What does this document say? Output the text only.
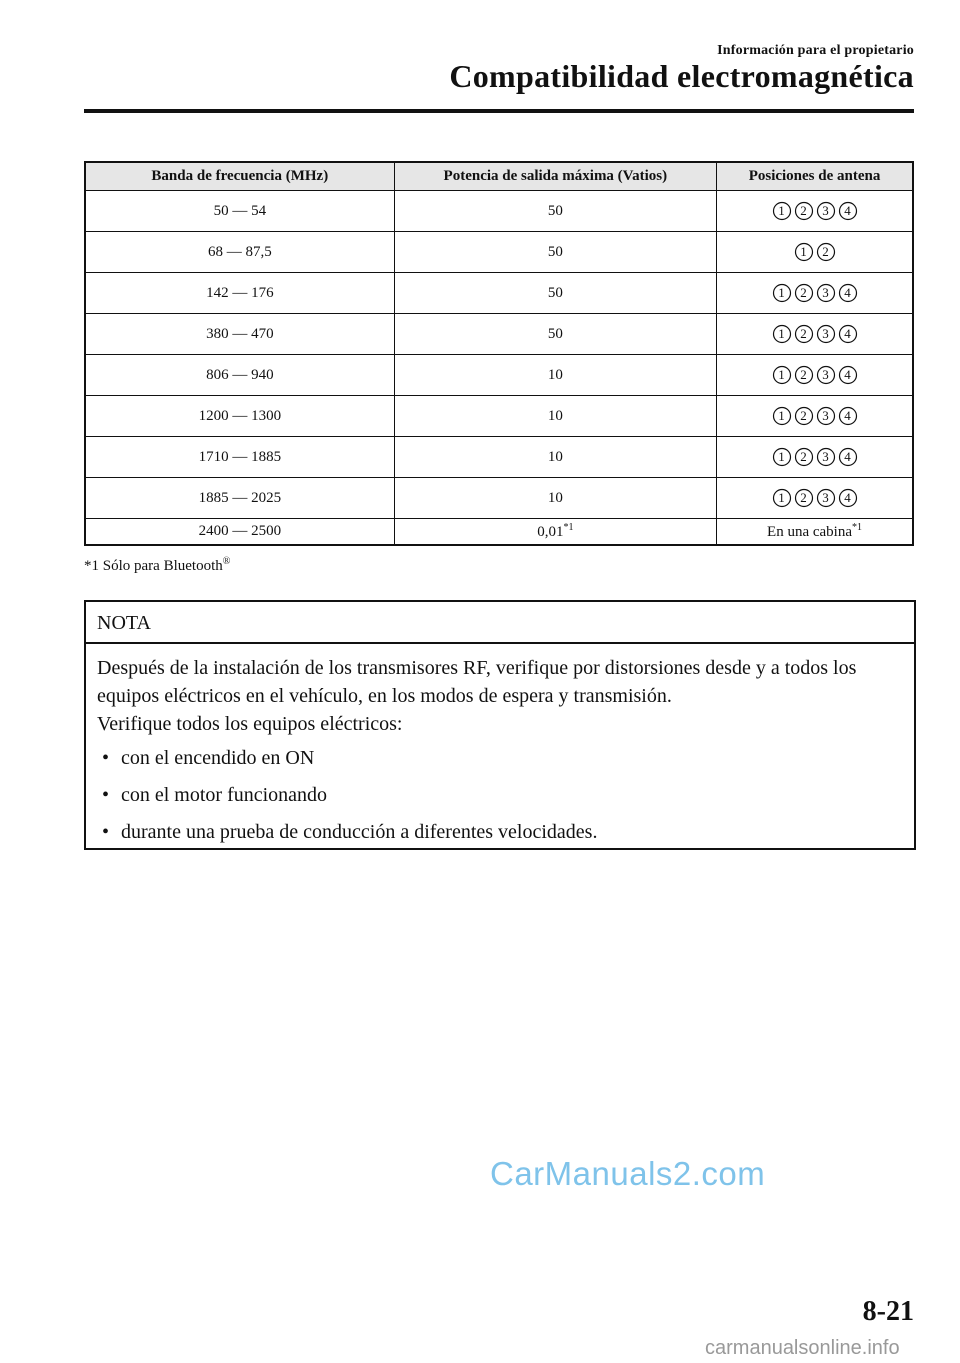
Información para el propietario
Compatibilidad electromagnética
Banda de frecuencia (MHz)	Potencia de salida máxima (Vatios)	Posiciones de antena
50 ― 54	50	1 2 3 4

68 ― 87,5	50	1 2

142 ― 176	50	1 2 3 4

380 ― 470	50	1 2 3 4

806 ― 940	10	1 2 3 4

1200 ― 1300	10	1 2 3 4

1710 ― 1885	10	1 2 3 4

1885 ― 2025	10	1 2 3 4

2400 ― 2500	0,01$^{*1}$	En una cabina$^{*1}$
*1 Sólo para Bluetooth®
NOTA

Después de la instalación de los transmisores RF, verifique por distorsiones desde y a todos los equipos eléctricos en el vehículo, en los modos de espera y transmisión.

Verifique todos los equipos eléctricos:

• con el encendido en ON
• con el motor funcionando
• durante una prueba de conducción a diferentes velocidades.
CarManuals2.com
8-21
carmanualsonline.info
